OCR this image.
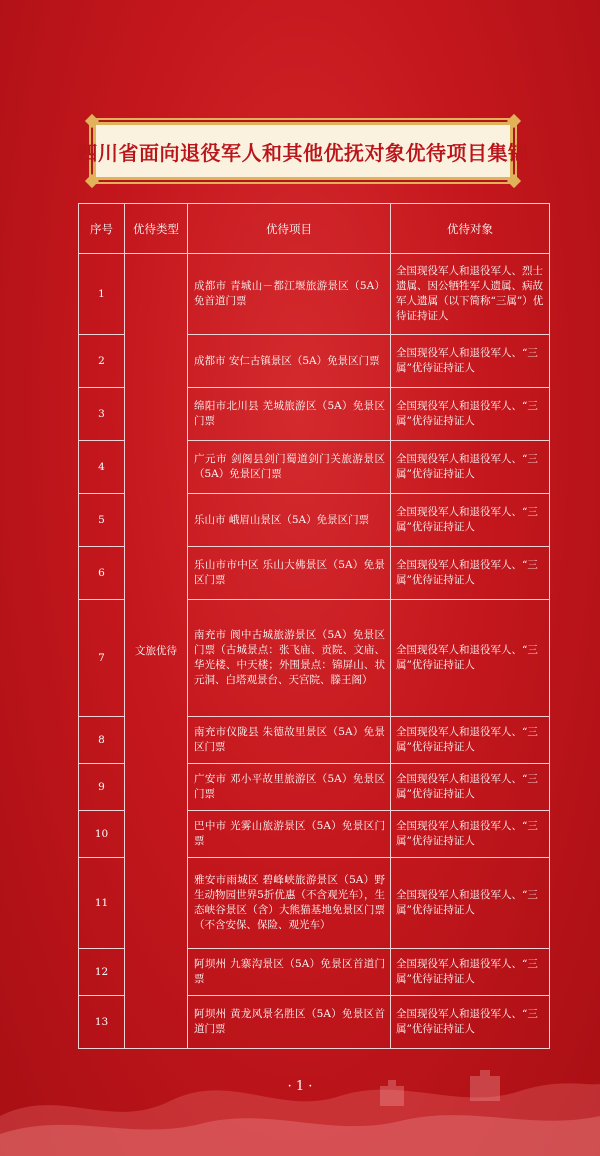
四川省面向退役军人和其他优抚对象优待项目集锦
序号	优待类型	优待项目	优待对象
1	文旅优待	成都市 青城山－都江堰旅游景区（5A）免首道门票	全国现役军人和退役军人、烈士遗属、因公牺牲军人遗属、病故军人遗属（以下简称“三属”）优待证持证人
2		成都市 安仁古镇景区（5A）免景区门票	全国现役军人和退役军人、“三属”优待证持证人
3		绵阳市北川县 羌城旅游区（5A）免景区门票	全国现役军人和退役军人、“三属”优待证持证人
4		广元市 剑阁县剑门蜀道剑门关旅游景区（5A）免景区门票	全国现役军人和退役军人、“三属”优待证持证人
5		乐山市 峨眉山景区（5A）免景区门票	全国现役军人和退役军人、“三属”优待证持证人
6		乐山市市中区 乐山大佛景区（5A）免景区门票	全国现役军人和退役军人、“三属”优待证持证人
7		南充市 阆中古城旅游景区（5A）免景区门票（古城景点：张飞庙、贡院、文庙、华光楼、中天楼；外围景点：锦屏山、状元洞、白塔观景台、天宫院、滕王阁）	全国现役军人和退役军人、“三属”优待证持证人
8		南充市仪陇县 朱德故里景区（5A）免景区门票	全国现役军人和退役军人、“三属”优待证持证人
9		广安市 邓小平故里旅游区（5A）免景区门票	全国现役军人和退役军人、“三属”优待证持证人
10		巴中市 光雾山旅游景区（5A）免景区门票	全国现役军人和退役军人、“三属”优待证持证人
11		雅安市雨城区 碧峰峡旅游景区（5A）野生动物园世界5折优惠（不含观光车），生态峡谷景区（含）大熊猫基地免景区门票（不含安保、保险、观光车）	全国现役军人和退役军人、“三属”优待证持证人
12		阿坝州 九寨沟景区（5A）免景区首道门票	全国现役军人和退役军人、“三属”优待证持证人
13		阿坝州 黄龙风景名胜区（5A）免景区首道门票	全国现役军人和退役军人、“三属”优待证持证人
· 1 ·
